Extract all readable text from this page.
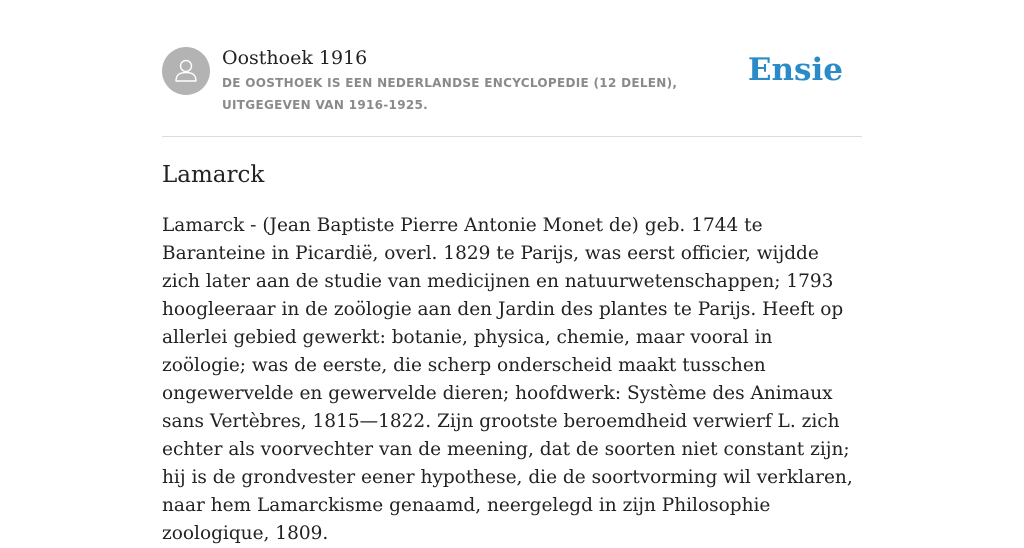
Oosthoek 1916
DE OOSTHOEK IS EEN NEDERLANDSE ENCYCLOPEDIE (12 DELEN), UITGEGEVEN VAN 1916-1925.
Ensie
Lamarck

Lamarck - (Jean Baptiste Pierre Antonie Monet de) geb. 1744 te Baranteine in Picardië, overl. 1829 te Parijs, was eerst officier, wijdde zich later aan de studie van medicijnen en natuurwetenschappen; 1793 hoogleeraar in de zoölogie aan den Jardin des plantes te Parijs. Heeft op allerlei gebied gewerkt: botanie, physica, chemie, maar vooral in zoölogie; was de eerste, die scherp onderscheid maakt tusschen ongewervelde en gewervelde dieren; hoofdwerk: Système des Animaux sans Vertèbres, 1815—1822. Zijn grootste beroemdheid verwierf L. zich echter als voorvechter van de meening, dat de soorten niet constant zijn; hij is de grondvester eener hypothese, die de soortvorming wil verklaren, naar hem Lamarckisme genaamd, neergelegd in zijn Philosophie zoologique, 1809.
